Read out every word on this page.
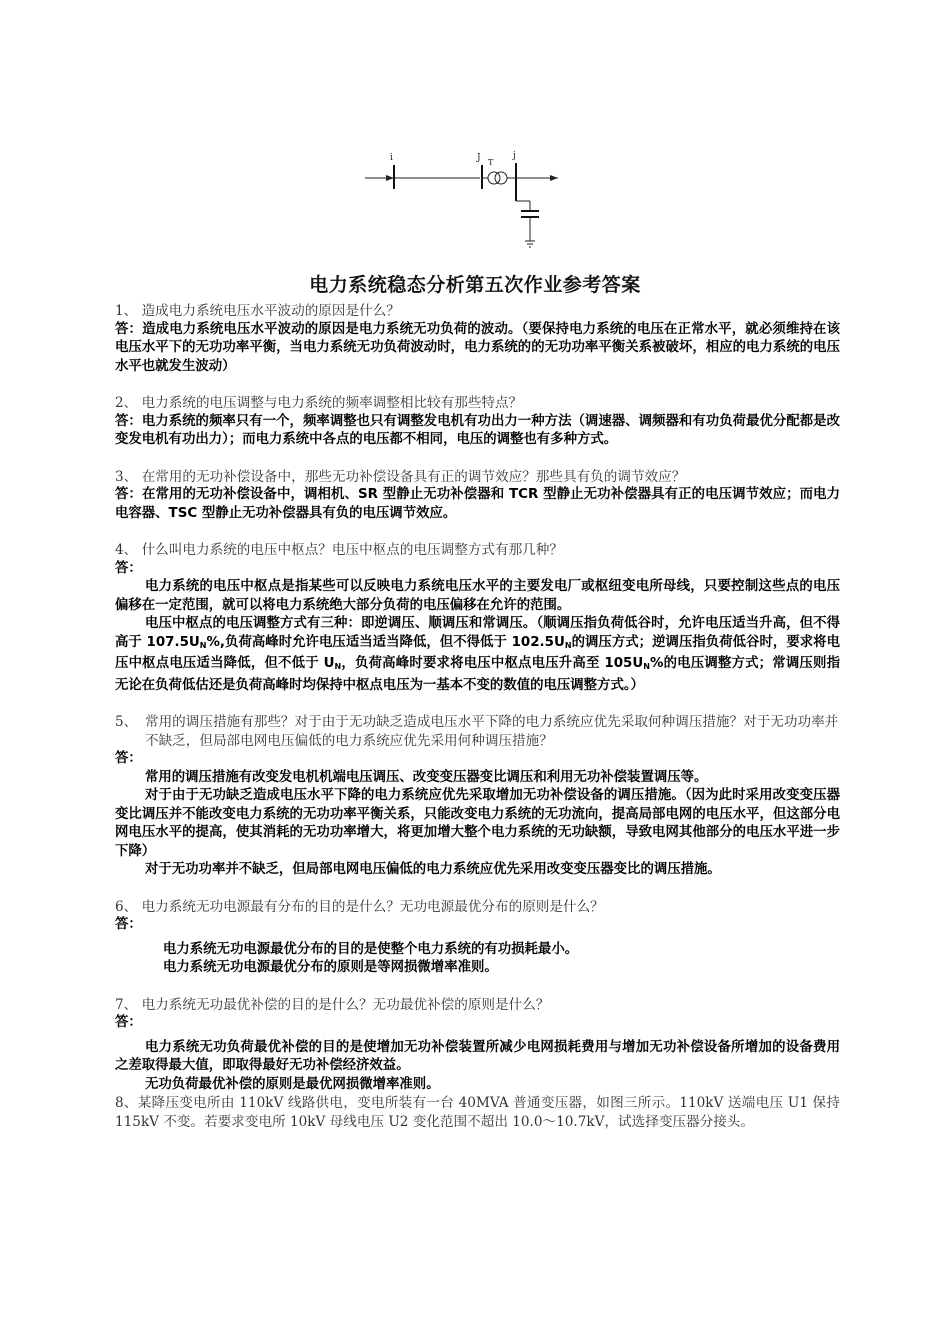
i	J T
j
电力系统稳态分析第五次作业参考答案
1、 造成电力系统电压水平波动的原因是什么？
答：造成电力系统电压水平波动的原因是电力系统无功负荷的波动。（要保持电力系统的电压在正常水平，就必须维持在该电压水平下的无功功率平衡，当电力系统无功负荷波动时，电力系统的的无功功率平衡关系被破坏，相应的电力系统的电压水平也就发生波动）
2、 电力系统的电压调整与电力系统的频率调整相比较有那些特点？
答：电力系统的频率只有一个，频率调整也只有调整发电机有功出力一种方法（调速器、调频器和有功负荷最优分配都是改变发电机有功出力）；而电力系统中各点的电压都不相同，电压的调整也有多种方式。
3、 在常用的无功补偿设备中，那些无功补偿设备具有正的调节效应？那些具有负的调节效应？
答：在常用的无功补偿设备中，调相机、SR 型静止无功补偿器和 TCR 型静止无功补偿器具有正的电压调节效应；而电力电容器、TSC 型静止无功补偿器具有负的电压调节效应。
4、 什么叫电力系统的电压中枢点？电压中枢点的电压调整方式有那几种？
答：
电力系统的电压中枢点是指某些可以反映电力系统电压水平的主要发电厂或枢纽变电所母线，只要控制这些点的电压偏移在一定范围，就可以将电力系统绝大部分负荷的电压偏移在允许的范围。
电压中枢点的电压调整方式有三种：即逆调压、顺调压和常调压。（顺调压指负荷低谷时，允许电压适当升高，但不得高于 $107.5U_N\%$,负荷高峰时允许电压适当适当降低，但不得低于 $102.5U_N$的调压方式；逆调压指负荷低谷时，要求将电压中枢点电压适当降低，但不低于 $U_N$，负荷高峰时要求将电压中枢点电压升高至 $105U_N\%$的电压调整方式；常调压则指无论在负荷低估还是负荷高峰时均保持中枢点电压为一基本不变的数值的电压调整方式。）
5、 常用的调压措施有那些？对于由于无功缺乏造成电压水平下降的电力系统应优先采取何种调压措施？对于无功功率并不缺乏，但局部电网电压偏低的电力系统应优先采用何种调压措施？
答：
常用的调压措施有改变发电机机端电压调压、改变变压器变比调压和利用无功补偿装置调压等。
对于由于无功缺乏造成电压水平下降的电力系统应优先采取增加无功补偿设备的调压措施。（因为此时采用改变变压器变比调压并不能改变电力系统的无功功率平衡关系，只能改变电力系统的无功流向，提高局部电网的电压水平，但这部分电网电压水平的提高，使其消耗的无功功率增大，将更加增大整个电力系统的无功缺额，导致电网其他部分的电压水平进一步下降）
对于无功功率并不缺乏，但局部电网电压偏低的电力系统应优先采用改变变压器变比的调压措施。
6、 电力系统无功电源最有分布的目的是什么？无功电源最优分布的原则是什么？
答：
电力系统无功电源最优分布的目的是使整个电力系统的有功损耗最小。
电力系统无功电源最优分布的原则是等网损微增率准则。
7、 电力系统无功最优补偿的目的是什么？无功最优补偿的原则是什么？
答：
电力系统无功负荷最优补偿的目的是使增加无功补偿装置所减少电网损耗费用与增加无功补偿设备所增加的设备费用之差取得最大值，即取得最好无功补偿经济效益。
无功负荷最优补偿的原则是最优网损微增率准则。
8、某降压变电所由 110kV 线路供电，变电所装有一台 40MVA 普通变压器，如图三所示。110kV 送端电压 U1 保持 115kV 不变。若要求变电所 10kV 母线电压 U2 变化范围不超出 10.0～10.7kV，试选择变压器分接头。
